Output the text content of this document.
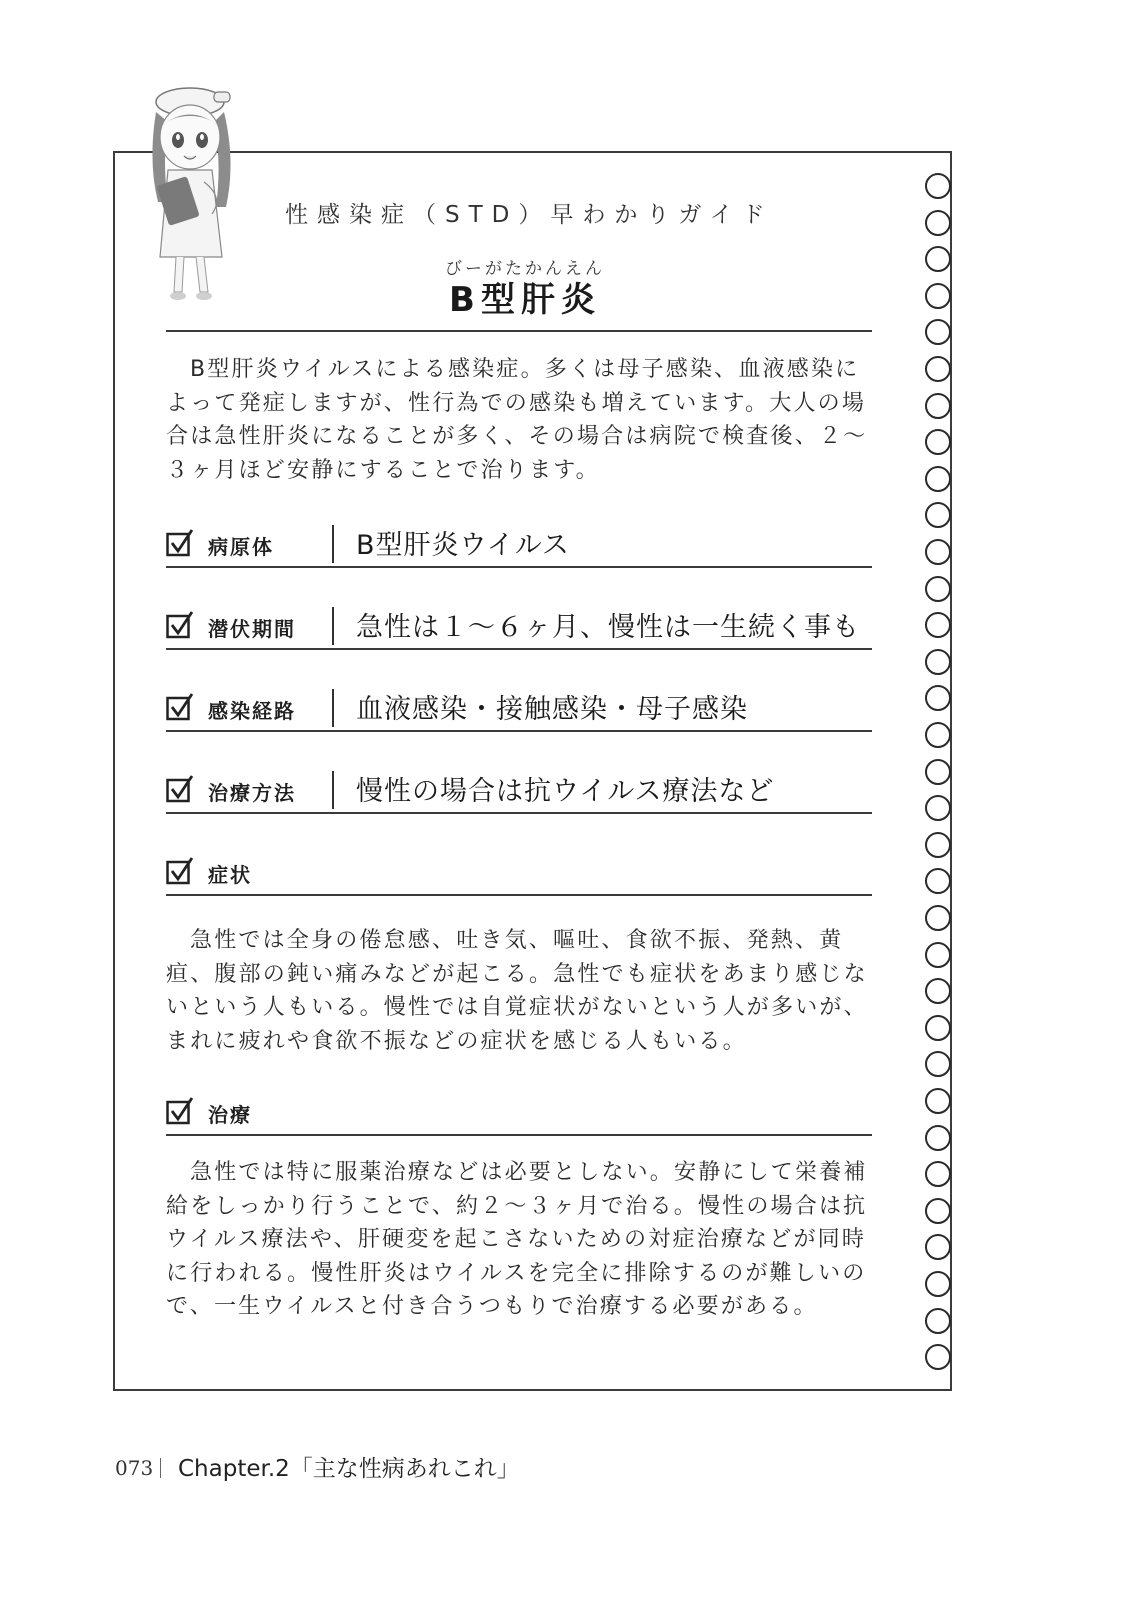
性感染症（STD）早わかりガイド
びーがたかんえん
B型肝炎
B型肝炎ウイルスによる感染症。多くは母子感染、血液感染によって発症しますが、性行為での感染も増えています。大人の場合は急性肝炎になることが多く、その場合は病院で検査後、２〜３ヶ月ほど安静にすることで治ります。
病原体	B型肝炎ウイルス
潜伏期間 急性は１〜６ヶ月、慢性は一生続く事も
感染経路 血液感染・接触感染・母子感染
治療方法 慢性の場合は抗ウイルス療法など
症状
急性では全身の倦怠感、吐き気、嘔吐、食欲不振、発熱、黄疸、腹部の鈍い痛みなどが起こる。急性でも症状をあまり感じないという人もいる。慢性では自覚症状がないという人が多いが、まれに疲れや食欲不振などの症状を感じる人もいる。
治療
急性では特に服薬治療などは必要としない。安静にして栄養補給をしっかり行うことで、約２〜３ヶ月で治る。慢性の場合は抗ウイルス療法や、肝硬変を起こさないための対症治療などが同時に行われる。慢性肝炎はウイルスを完全に排除するのが難しいので、一生ウイルスと付き合うつもりで治療する必要がある。
073 Chapter.2「主な性病あれこれ」
